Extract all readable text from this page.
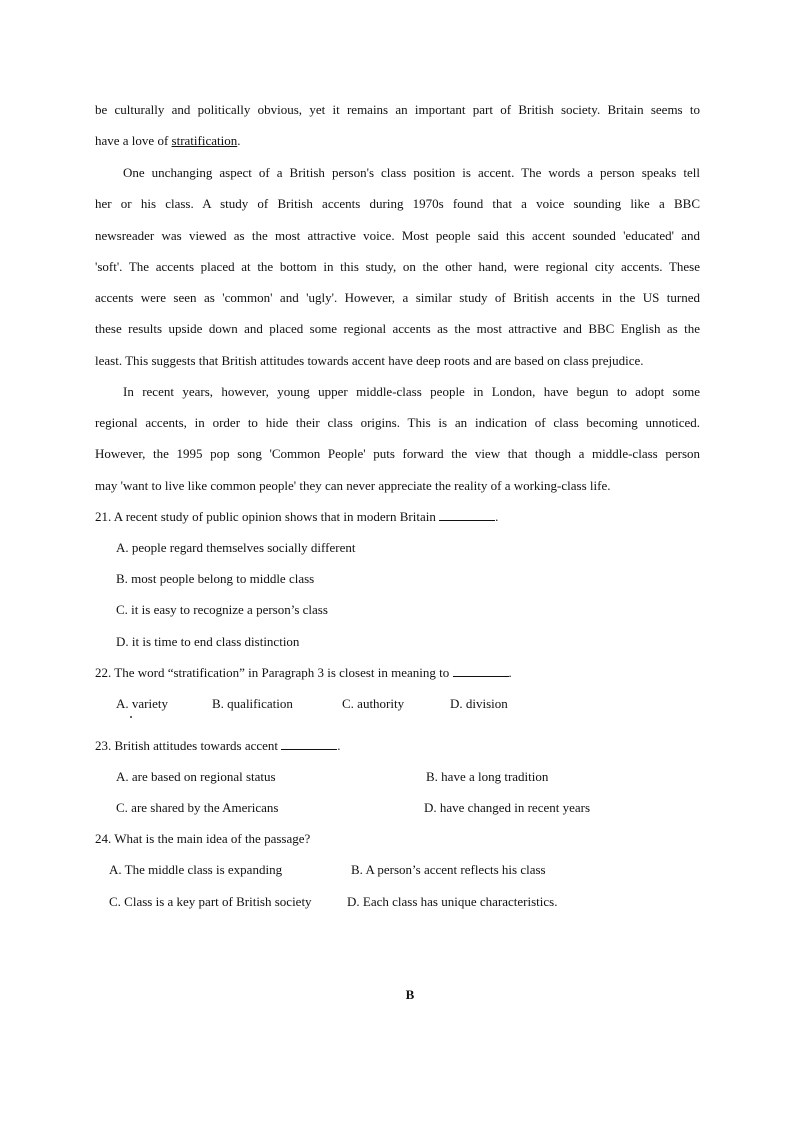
be culturally and politically obvious, yet it remains an important part of British society. Britain seems to
have a love of stratification.
One unchanging aspect of a British person's class position is accent. The words a person speaks tell
her or his class. A study of British accents during 1970s found that a voice sounding like a BBC
newsreader was viewed as the most attractive voice. Most people said this accent sounded 'educated' and
'soft'. The accents placed at the bottom in this study, on the other hand, were regional city accents. These
accents were seen as 'common' and 'ugly'. However, a similar study of British accents in the US turned
these results upside down and placed some regional accents as the most attractive and BBC English as the
least. This suggests that British attitudes towards accent have deep roots and are based on class prejudice.
In recent years, however, young upper middle-class people in London, have begun to adopt some
regional accents, in order to hide their class origins. This is an indication of class becoming unnoticed.
However, the 1995 pop song 'Common People' puts forward the view that though a middle-class person
may 'want to live like common people' they can never appreciate the reality of a working-class life.
21. A recent study of public opinion shows that in modern Britain	.
A. people regard themselves socially different
B. most people belong to middle class
C. it is easy to recognize a person’s class
D. it is time to end class distinction
22. The word “stratification” in Paragraph 3 is closest in meaning to	.
A. variety	B. qualification	C. authority	D. division
23. British attitudes towards accent	.
A. are based on regional status	B. have a long tradition
C. are shared by the Americans	D. have changed in recent years
24. What is the main idea of the passage?
A. The middle class is expanding	B. A person’s accent reflects his class
C. Class is a key part of British society	D. Each class has unique characteristics.
B
